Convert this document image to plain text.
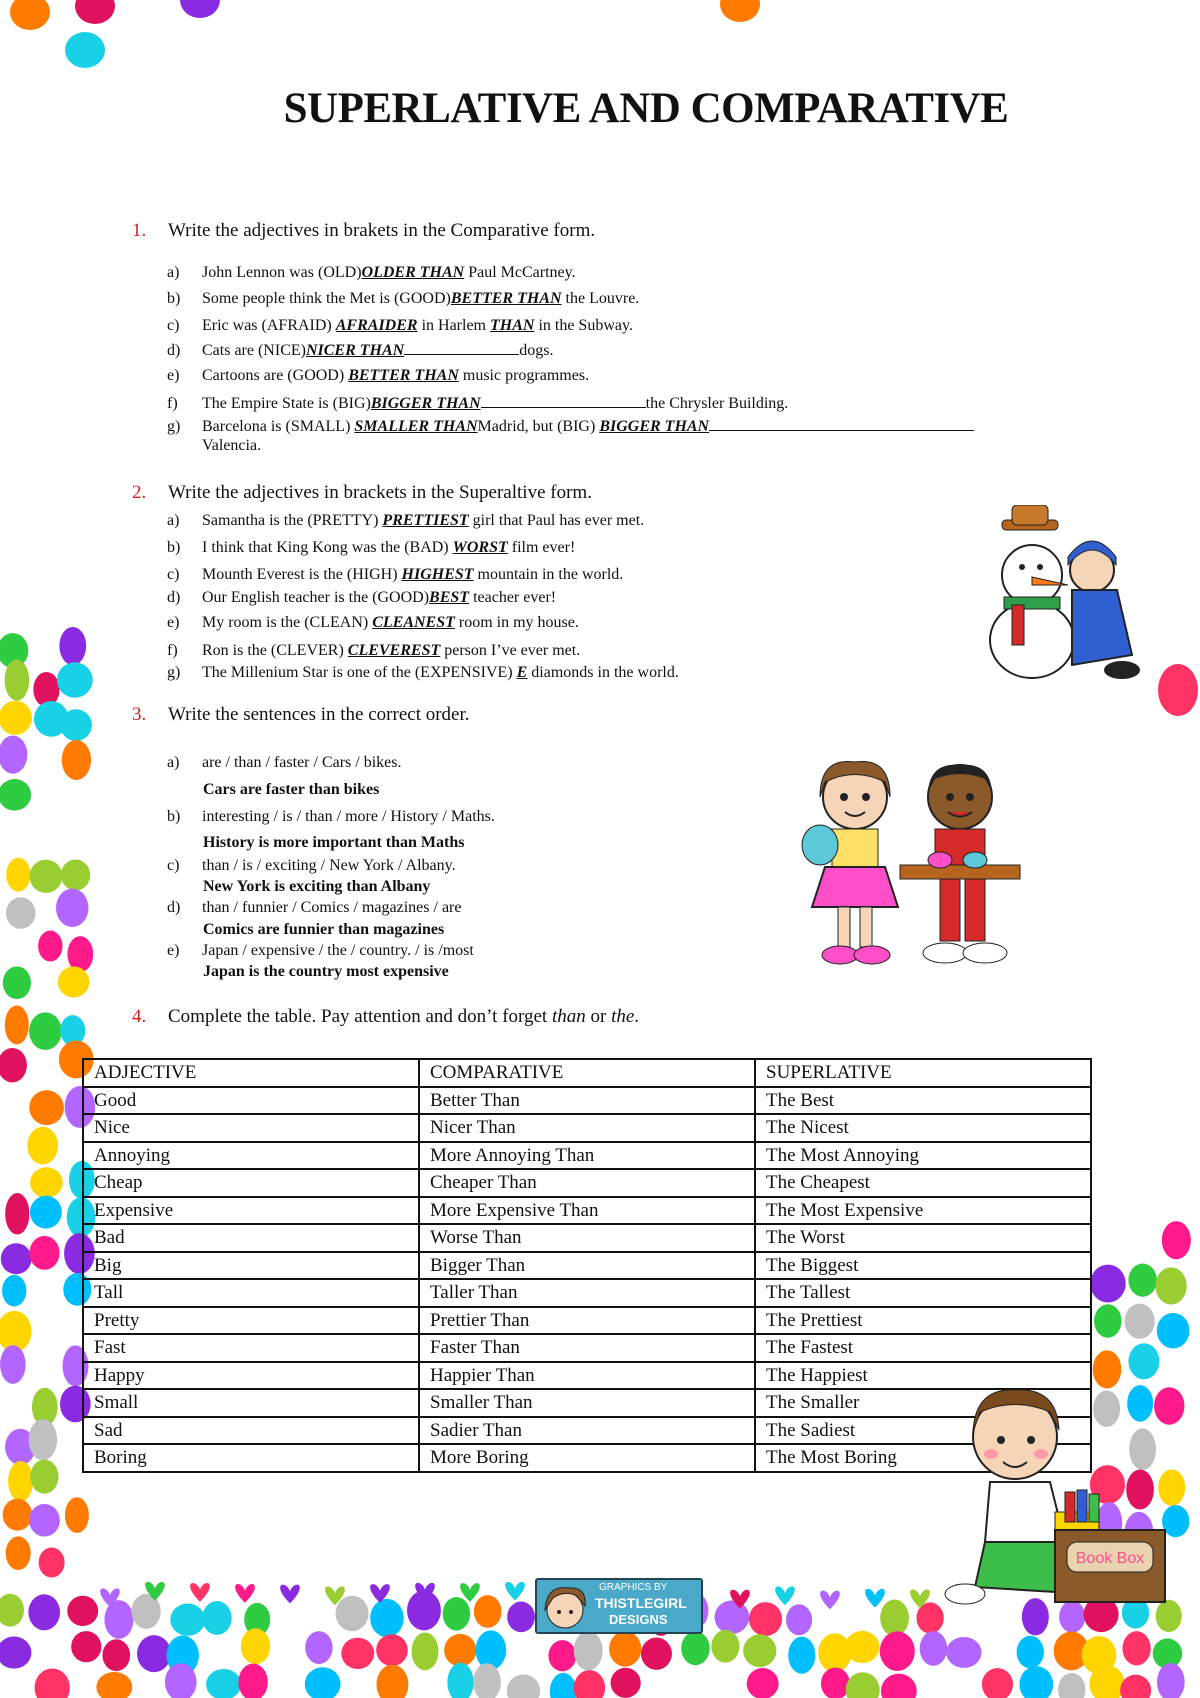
SUPERLATIVE AND COMPARATIVE
1. Write the adjectives in brakets in the Comparative form.
a) John Lennon was (OLD)OLDER THAN Paul McCartney.
b) Some people think the Met is (GOOD)BETTER THAN the Louvre.
c) Eric was (AFRAID) AFRAIDER in Harlem THAN in the Subway.
d) Cats are (NICE)NICER THAN	dogs.
e) Cartoons are (GOOD) BETTER THAN music programmes.
f) The Empire State is (BIG)BIGGER THAN	the Chrysler Building.
g) Barcelona is (SMALL) SMALLER THANMadrid, but (BIG) BIGGER THAN
Valencia.
2. Write the adjectives in brackets in the Superaltive form.
a) Samantha is the (PRETTY) PRETTIEST girl that Paul has ever met.
b) I think that King Kong was the (BAD) WORST film ever!
c) Mounth Everest is the (HIGH) HIGHEST mountain in the world.
d) Our English teacher is the (GOOD)BEST teacher ever!
e) My room is the (CLEAN) CLEANEST room in my house.
f) Ron is the (CLEVER) CLEVEREST person I’ve ever met.
g) The Millenium Star is one of the (EXPENSIVE) E diamonds in the world.
3. Write the sentences in the correct order.
a) are / than / faster / Cars / bikes.
Cars are faster than bikes
b) interesting / is / than / more / History / Maths.
History is more important than Maths
c) than / is / exciting / New York / Albany.
New York is exciting than Albany
d) than / funnier / Comics / magazines / are
Comics are funnier than magazines
e) Japan / expensive / the / country. / is /most
Japan is the country most expensive
4. Complete the table. Pay attention and don’t forget than or the.
ADJECTIVE	COMPARATIVE	SUPERLATIVE
Good	Better Than	The Best
Nice	Nicer Than	The Nicest
Annoying	More Annoying Than	The Most Annoying
Cheap	Cheaper Than	The Cheapest
Expensive	More Expensive Than	The Most Expensive
Bad	Worse Than	The Worst
Big	Bigger Than	The Biggest
Tall	Taller Than	The Tallest
Pretty	Prettier Than	The Prettiest
Fast	Faster Than	The Fastest
Happy	Happier Than	The Happiest
Small	Smaller Than	The Smaller
Sad	Sadier Than	The Sadiest
Boring	More Boring	The Most Boring
Book Box
GRAPHICS BY
THISTLEGIRL
DESIGNS
